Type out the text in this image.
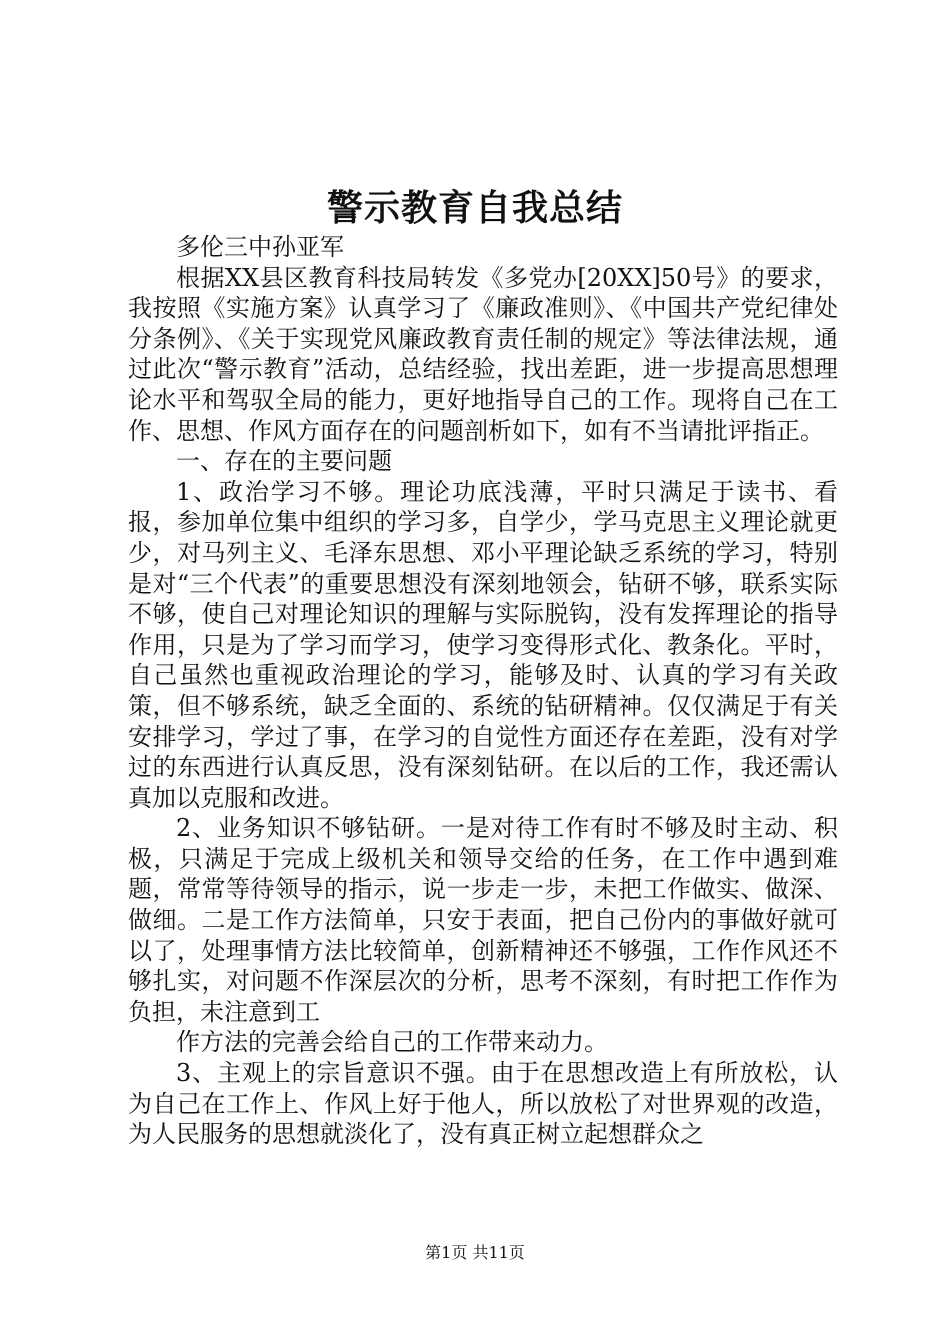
警示教育自我总结

多伦三中孙亚军

根据XX县区教育科技局转发《多党办[20XX]50号》的要求，我按照《实施方案》认真学习了《廉政准则》、《中国共产党纪律处分条例》、《关于实现党风廉政教育责任制的规定》等法律法规，通过此次“警示教育”活动，总结经验，找出差距，进一步提高思想理论水平和驾驭全局的能力，更好地指导自己的工作。现将自己在工作、思想、作风方面存在的问题剖析如下，如有不当请批评指正。

一、存在的主要问题

1、政治学习不够。理论功底浅薄，平时只满足于读书、看报，参加单位集中组织的学习多，自学少，学马克思主义理论就更少，对马列主义、毛泽东思想、邓小平理论缺乏系统的学习，特别是对“三个代表”的重要思想没有深刻地领会，钻研不够，联系实际不够，使自己对理论知识的理解与实际脱钩，没有发挥理论的指导作用，只是为了学习而学习，使学习变得形式化、教条化。平时，自己虽然也重视政治理论的学习，能够及时、认真的学习有关政策，但不够系统，缺乏全面的、系统的钻研精神。仅仅满足于有关安排学习，学过了事，在学习的自觉性方面还存在差距，没有对学过的东西进行认真反思，没有深刻钻研。在以后的工作，我还需认真加以克服和改进。

2、业务知识不够钻研。一是对待工作有时不够及时主动、积极，只满足于完成上级机关和领导交给的任务，在工作中遇到难题，常常等待领导的指示，说一步走一步，未把工作做实、做深、做细。二是工作方法简单，只安于表面，把自己份内的事做好就可以了，处理事情方法比较简单，创新精神还不够强，工作作风还不够扎实，对问题不作深层次的分析，思考不深刻，有时把工作作为负担，未注意到工

作方法的完善会给自己的工作带来动力。

3、主观上的宗旨意识不强。由于在思想改造上有所放松，认为自己在工作上、作风上好于他人，所以放松了对世界观的改造，为人民服务的思想就淡化了，没有真正树立起想群众之

第1页 共11页
